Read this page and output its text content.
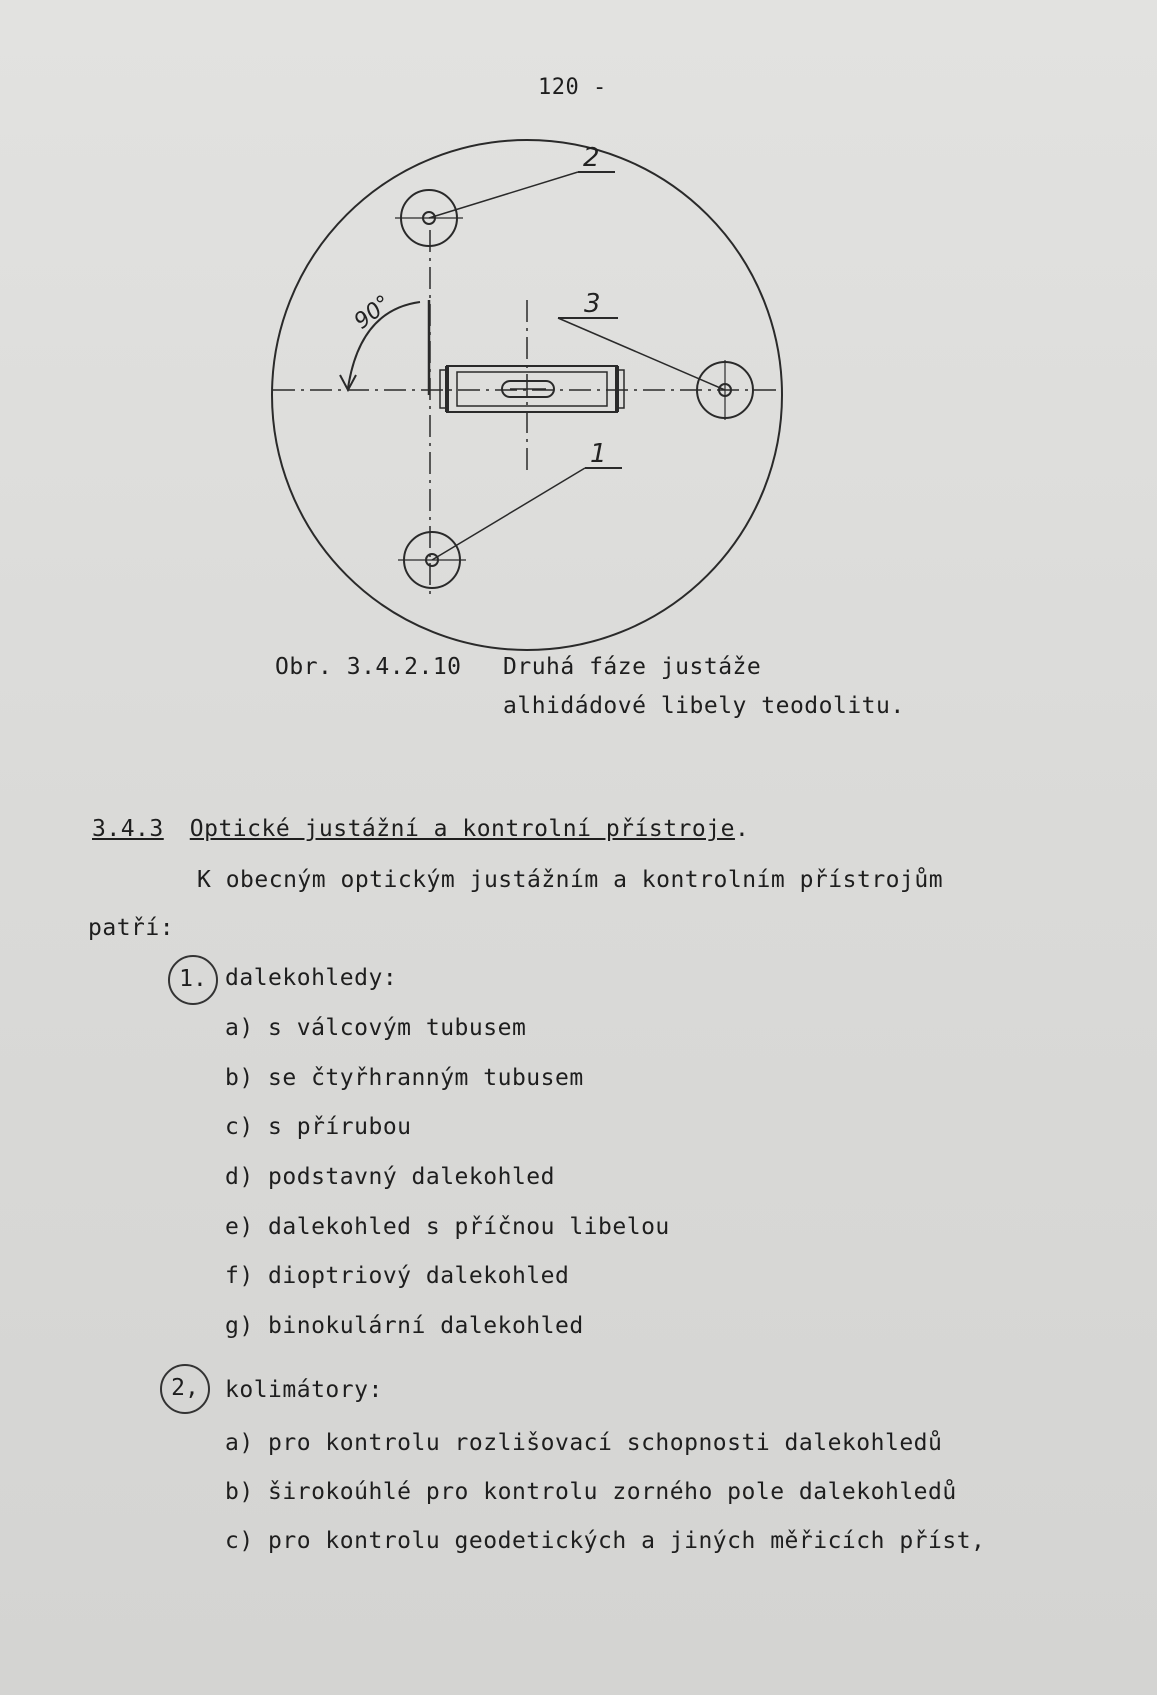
120 -
2
3
1
90°
Obr. 3.4.2.10 Druhá fáze justáže
alhidádové libely teodolitu.
3.4.3 Optické justážní a kontrolní přístroje.
K obecným optickým justážním a kontrolním přístrojům
patří:
1. dalekohledy:
a) s válcovým tubusem
b) se čtyřhranným tubusem
c) s přírubou
d) podstavný dalekohled
e) dalekohled s příčnou libelou
f) dioptriový dalekohled
g) binokulární dalekohled
2,	kolimátory:
a) pro kontrolu rozlišovací schopnosti dalekohledů
b) širokoúhlé pro kontrolu zorného pole dalekohledů
c) pro kontrolu geodetických a jiných měřicích příst,
